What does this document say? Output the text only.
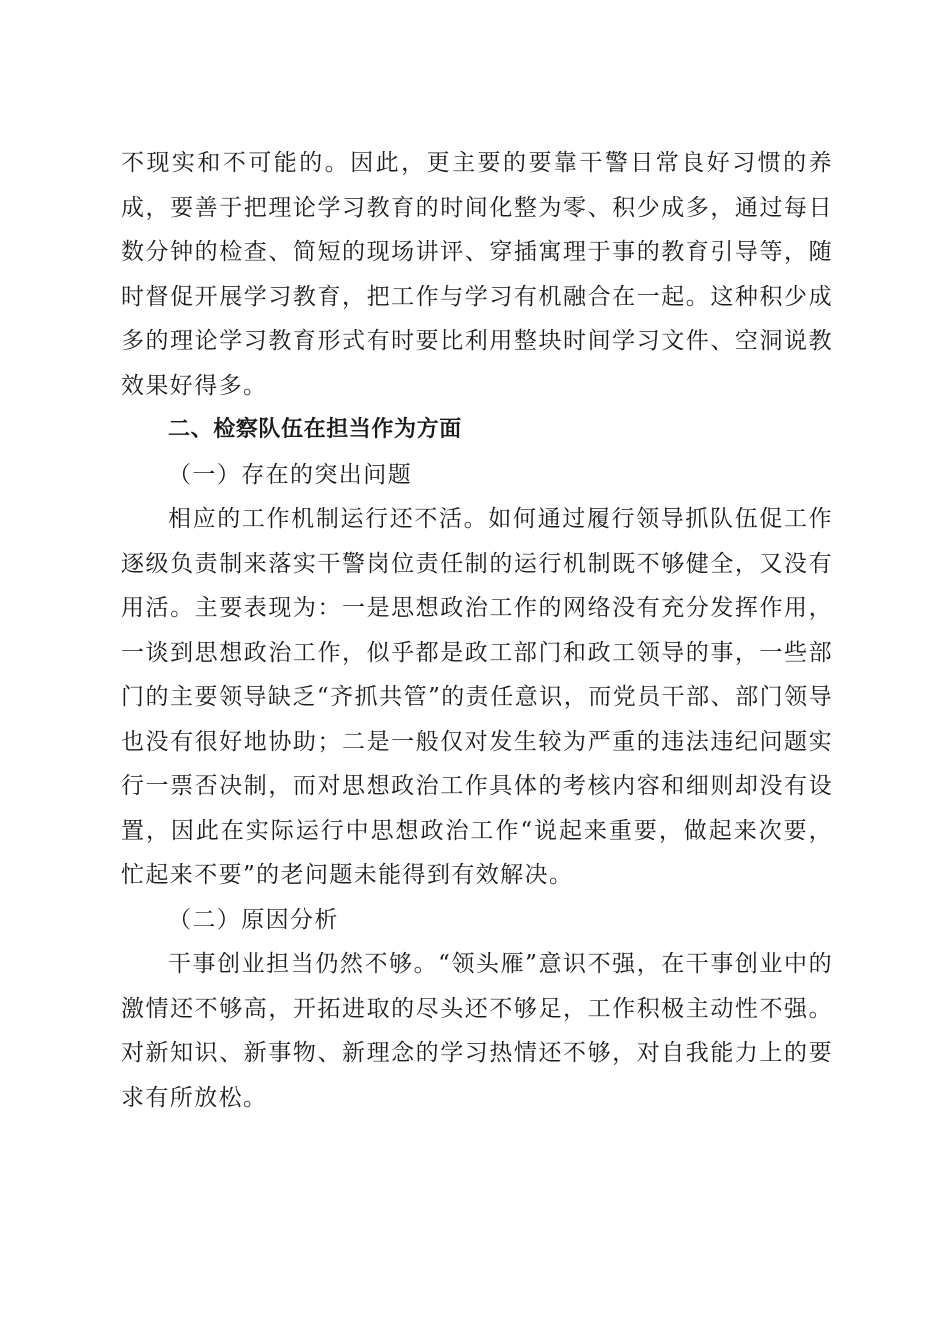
不现实和不可能的。因此，更主要的要靠干警日常良好习惯的养成，要善于把理论学习教育的时间化整为零、积少成多，通过每日数分钟的检查、简短的现场讲评、穿插寓理于事的教育引导等，随时督促开展学习教育，把工作与学习有机融合在一起。这种积少成多的理论学习教育形式有时要比利用整块时间学习文件、空洞说教效果好得多。

二、检察队伍在担当作为方面

（一）存在的突出问题

相应的工作机制运行还不活。如何通过履行领导抓队伍促工作逐级负责制来落实干警岗位责任制的运行机制既不够健全，又没有用活。主要表现为：一是思想政治工作的网络没有充分发挥作用，一谈到思想政治工作，似乎都是政工部门和政工领导的事，一些部门的主要领导缺乏“齐抓共管”的责任意识，而党员干部、部门领导也没有很好地协助；二是一般仅对发生较为严重的违法违纪问题实行一票否决制，而对思想政治工作具体的考核内容和细则却没有设置，因此在实际运行中思想政治工作“说起来重要，做起来次要，忙起来不要”的老问题未能得到有效解决。

（二）原因分析

干事创业担当仍然不够。“领头雁”意识不强，在干事创业中的激情还不够高，开拓进取的尽头还不够足，工作积极主动性不强。对新知识、新事物、新理念的学习热情还不够，对自我能力上的要求有所放松。
